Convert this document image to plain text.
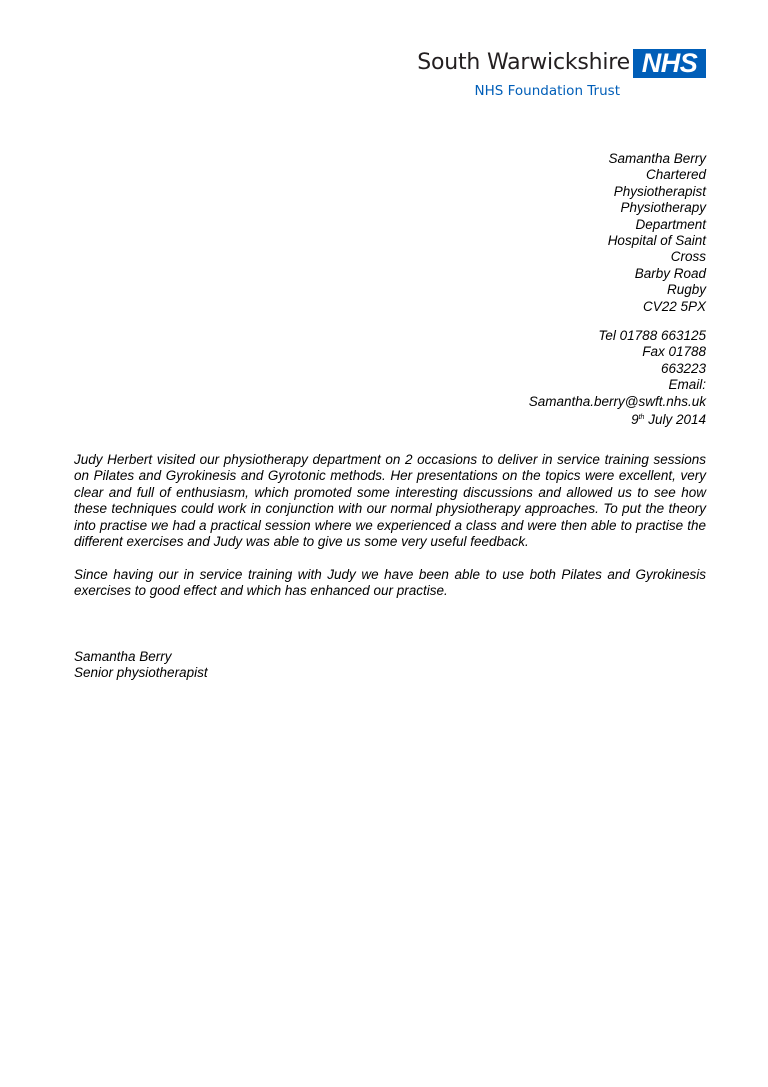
South Warwickshire NHS
NHS Foundation Trust
Samantha Berry
Chartered
Physiotherapist
Physiotherapy
Department
Hospital of Saint
Cross
Barby Road
Rugby
CV22 5PX
Tel 01788 663125
Fax 01788
663223
Email:
Samantha.berry@swft.nhs.uk
9th July 2014

Judy Herbert visited our physiotherapy department on 2 occasions to deliver in service training sessions on Pilates and Gyrokinesis and Gyrotonic methods. Her presentations on the topics were excellent, very clear and full of enthusiasm, which promoted some interesting discussions and allowed us to see how these techniques could work in conjunction with our normal physiotherapy approaches. To put the theory into practise we had a practical session where we experienced a class and were then able to practise the different exercises and Judy was able to give us some very useful feedback.

Since having our in service training with Judy we have been able to use both Pilates and Gyrokinesis exercises to good effect and which has enhanced our practise.

Samantha Berry
Senior physiotherapist
